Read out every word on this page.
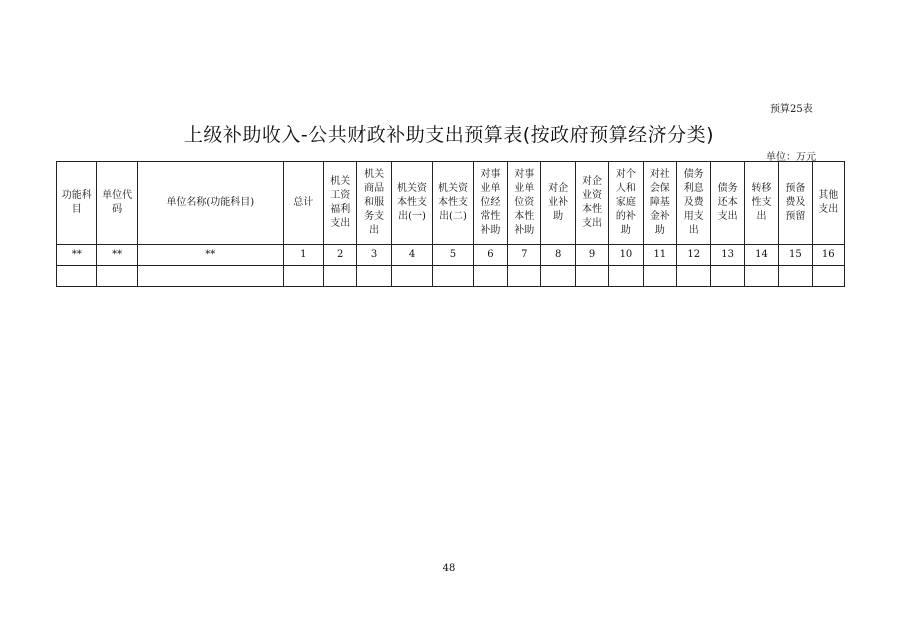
预算25表
上级补助收入-公共财政补助支出预算表(按政府预算经济分类)
单位：万元
功能科目	单位代码	单位名称(功能科目)	总计	机关工资福利支出	机关商品和服务支出	机关资本性支出(一)	机关资本性支出(二)	对事业单位经常性补助	对事业单位资本性补助	对企业补助	对企业资本性支出	对个人和家庭的补助	对社会保障基金补助	债务利息及费用支出	债务还本支出	转移性支出	预备费及预留	其他支出
**	**	**	1	2	3	4	5	6	7	8	9	10	11	12	13	14	15	16

48
